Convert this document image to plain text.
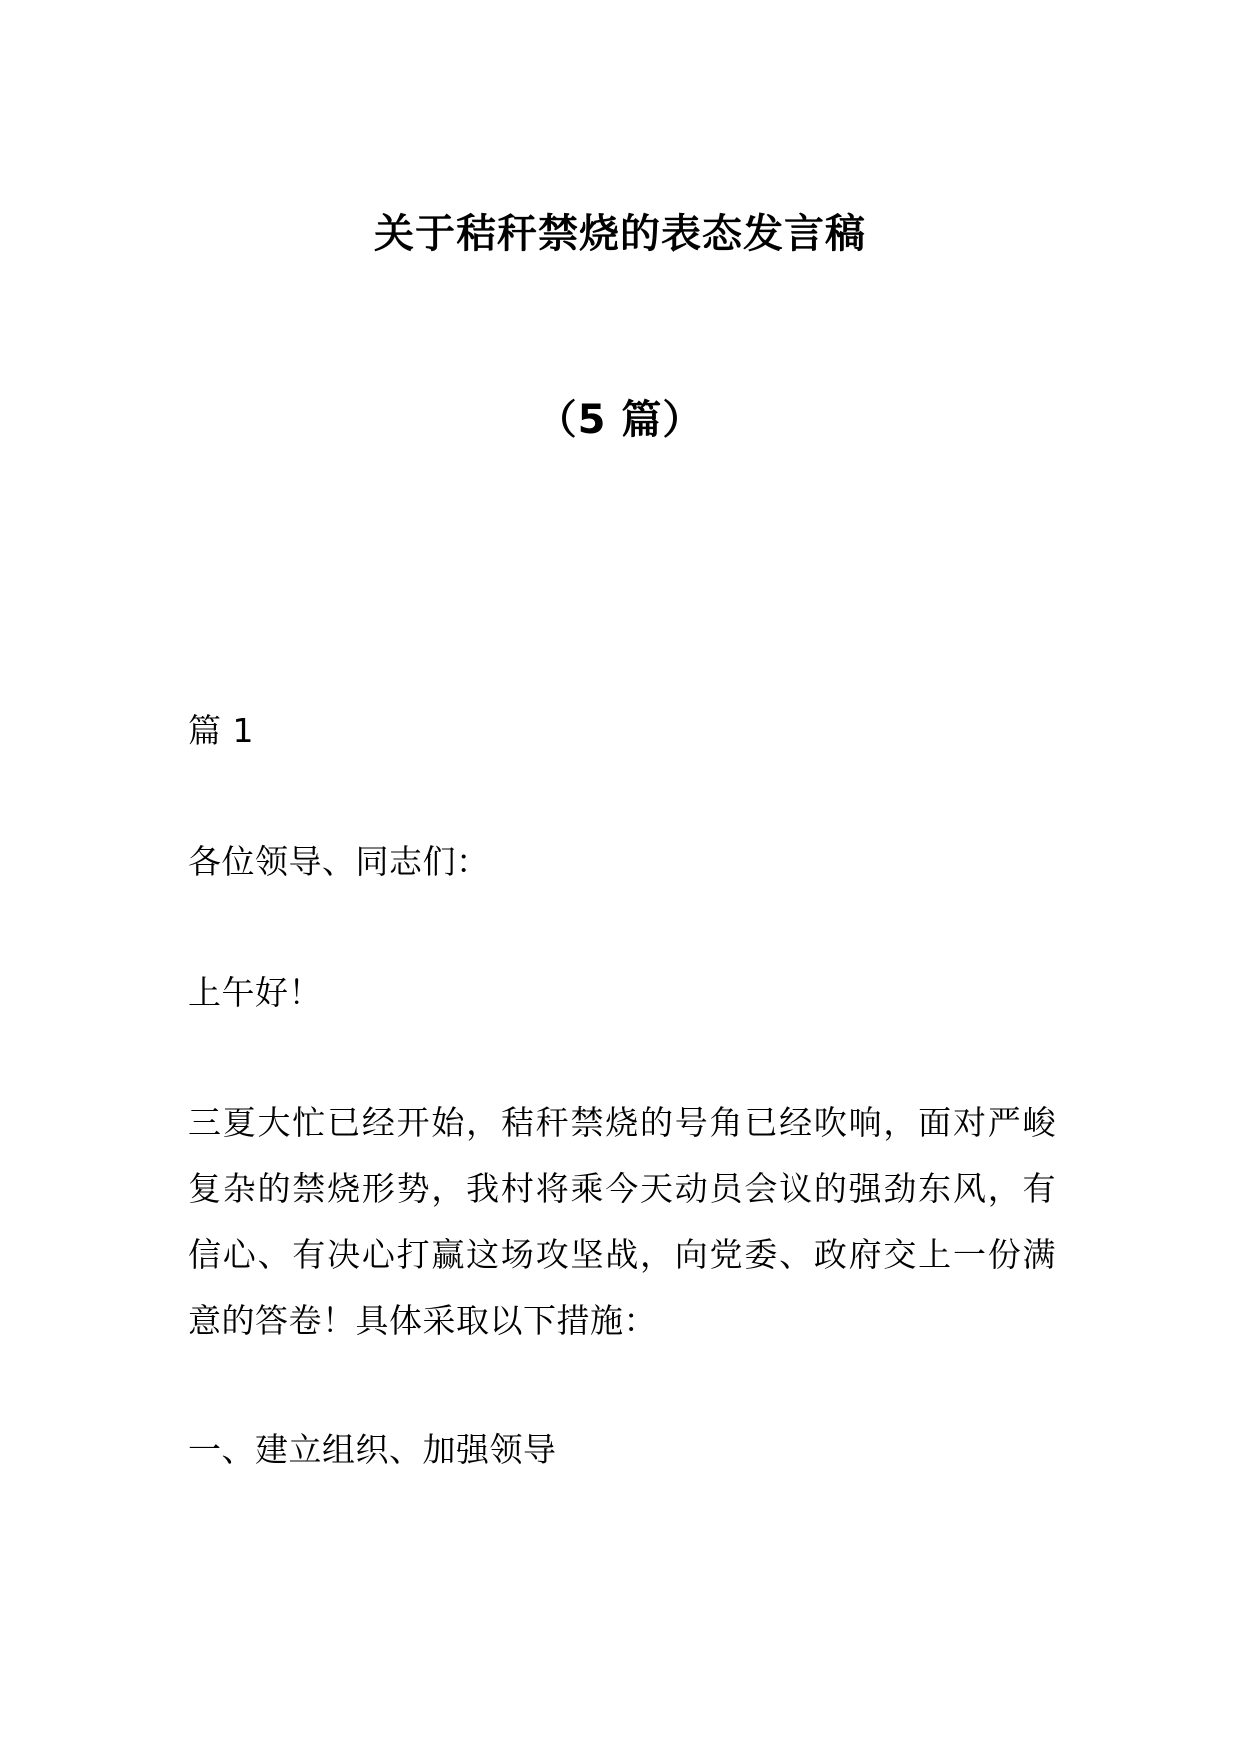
关于秸秆禁烧的表态发言稿
（5 篇）
篇 1
各位领导、同志们：
上午好！
三夏大忙已经开始，秸秆禁烧的号角已经吹响，面对严峻复杂的禁烧形势，我村将乘今天动员会议的强劲东风，有信心、有决心打赢这场攻坚战，向党委、政府交上一份满意的答卷！具体采取以下措施：
一、建立组织、加强领导
